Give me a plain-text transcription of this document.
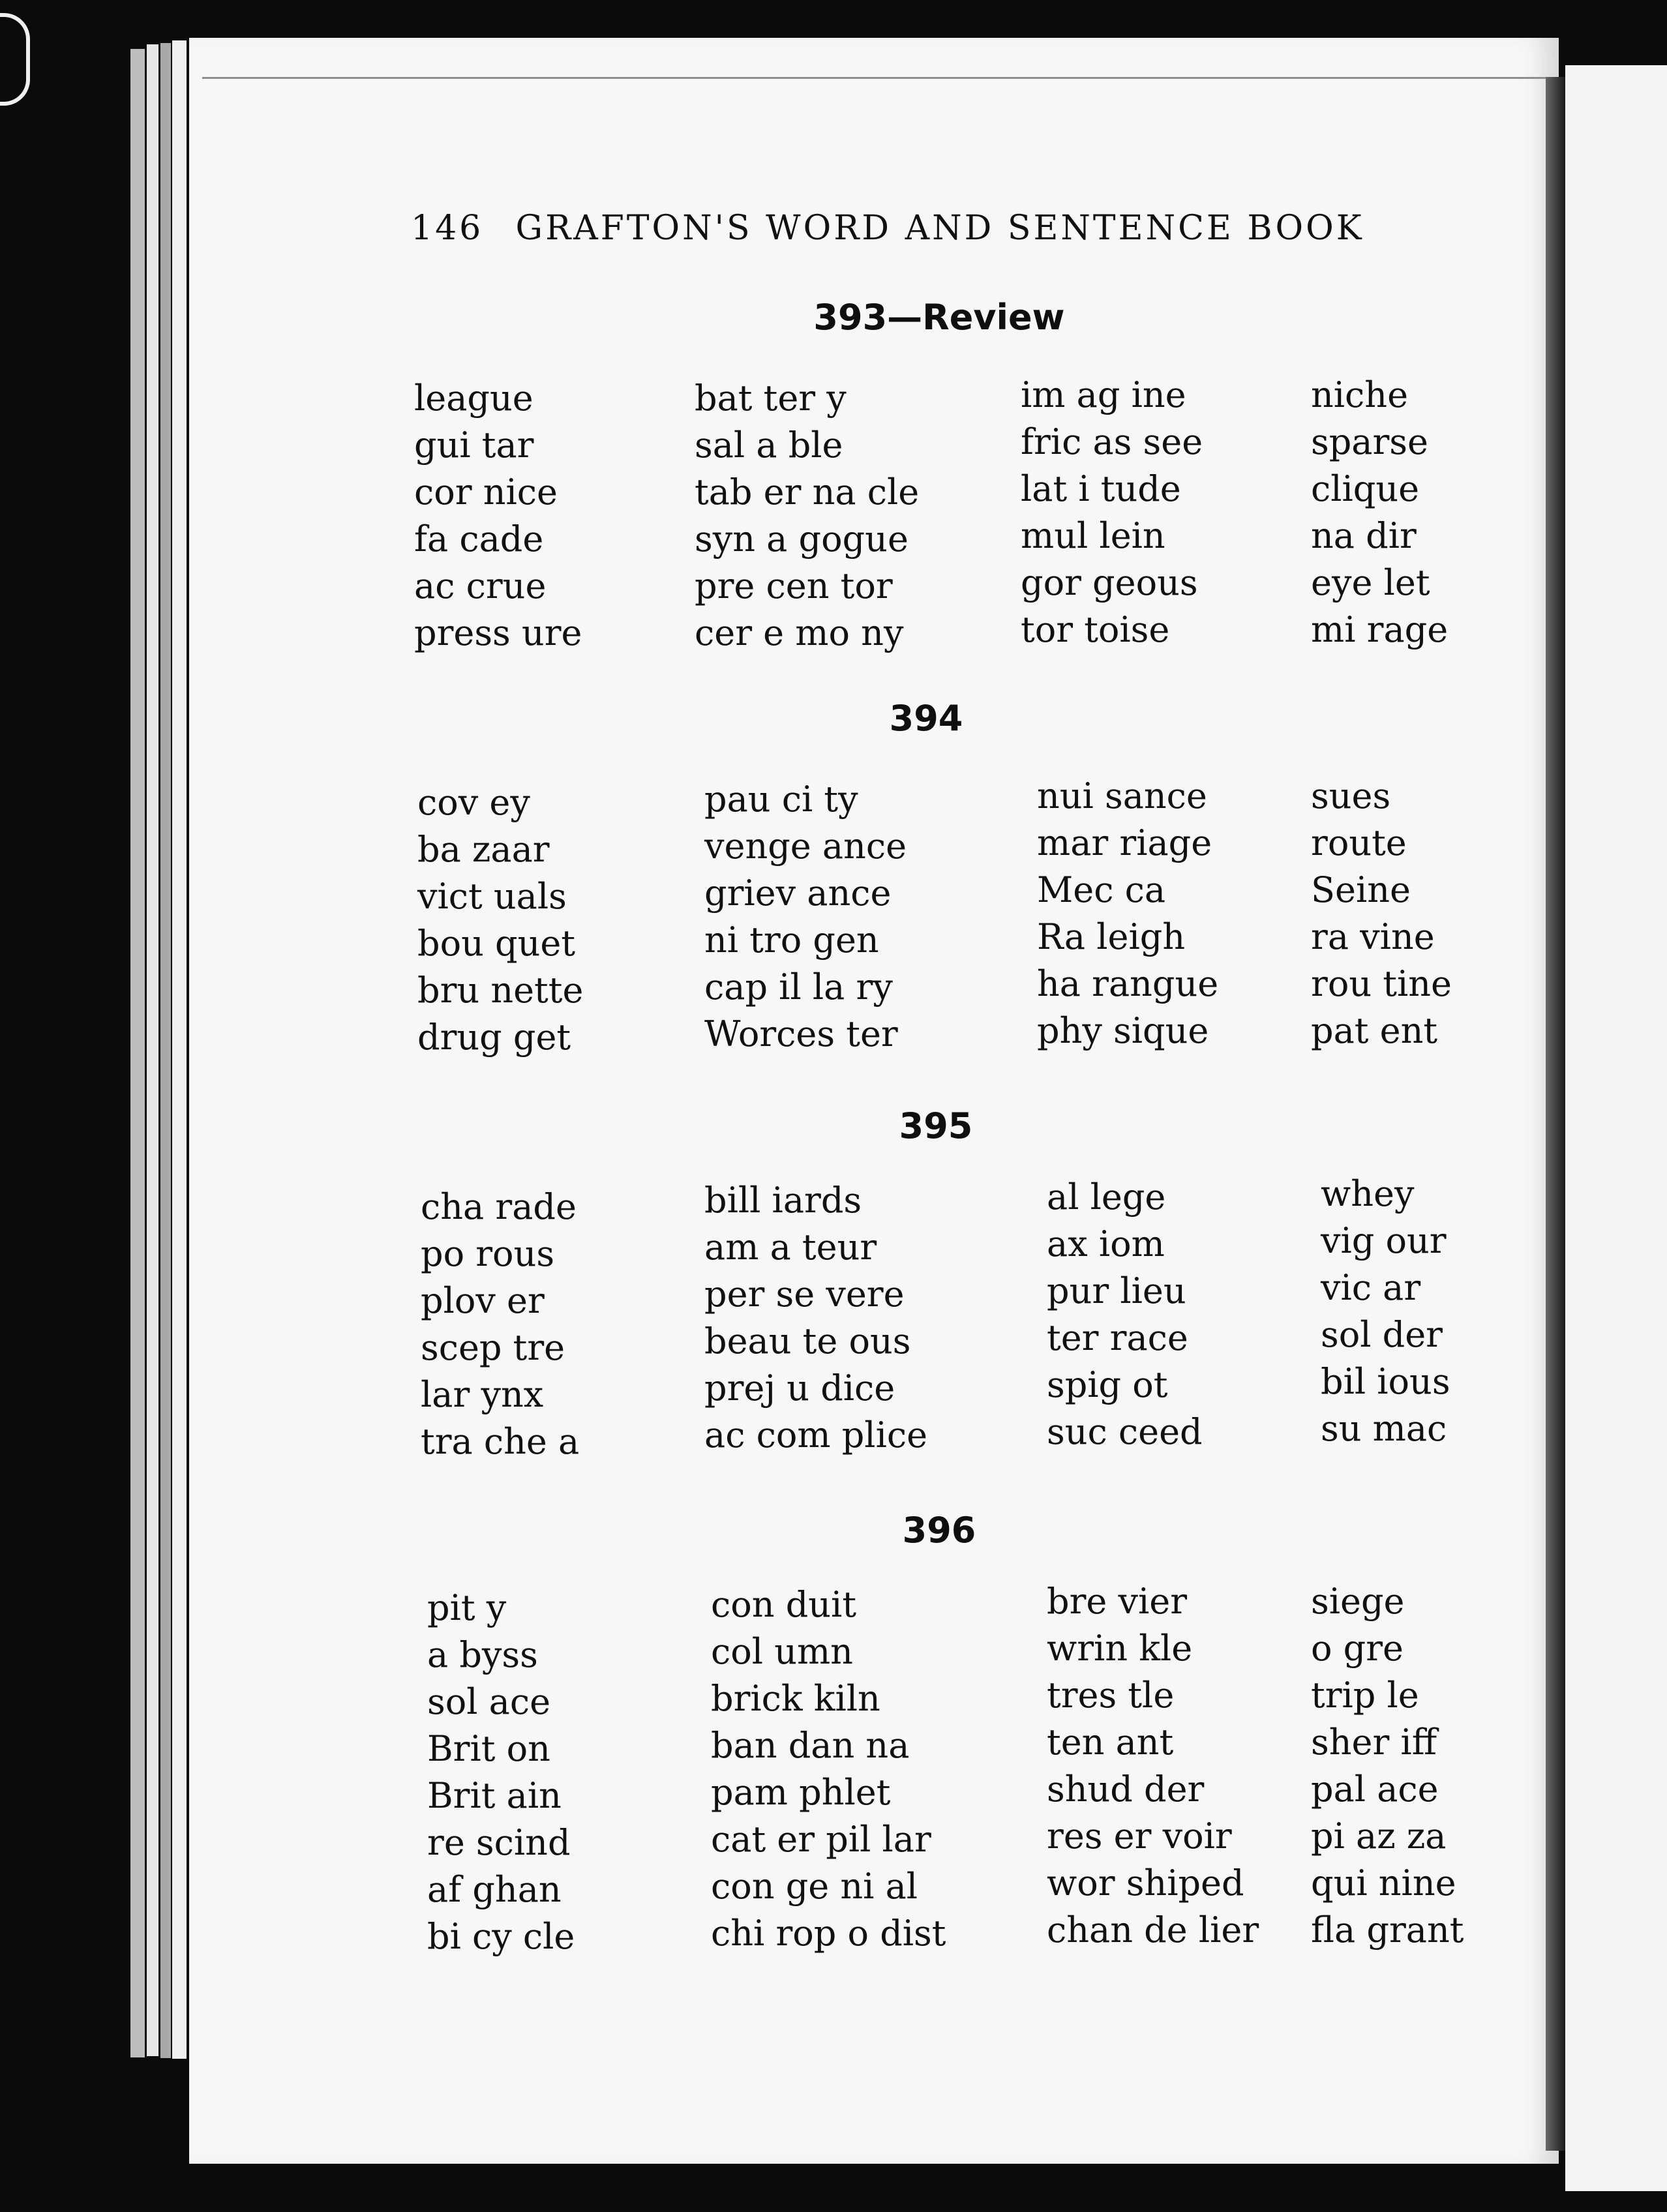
146 GRAFTON'S WORD AND SENTENCE BOOK
393—Review
league
gui tar
cor nice
fa cade
ac crue
press ure
bat ter y
sal a ble
tab er na cle
syn a gogue
pre cen tor
cer e mo ny
im ag ine
fric as see
lat i tude
mul lein
gor geous
tor toise
niche
sparse
clique
na dir
eye let
mi rage
394
cov ey
ba zaar
vict uals
bou quet
bru nette
drug get
pau ci ty
venge ance
griev ance
ni tro gen
cap il la ry
Worces ter
nui sance
mar riage
Mec ca
Ra leigh
ha rangue
phy sique
sues
route
Seine
ra vine
rou tine
pat ent
395
cha rade
po rous
plov er
scep tre
lar ynx
tra che a
bill iards
am a teur
per se vere
beau te ous
prej u dice
ac com plice
al lege
ax iom
pur lieu
ter race
spig ot
suc ceed
whey
vig our
vic ar
sol der
bil ious
su mac
396
pit y
a byss
sol ace
Brit on
Brit ain
re scind
af ghan
bi cy cle
con duit
col umn
brick kiln
ban dan na
pam phlet
cat er pil lar
con ge ni al
chi rop o dist
bre vier
wrin kle
tres tle
ten ant
shud der
res er voir
wor shiped
chan de lier
siege
o gre
trip le
sher iff
pal ace
pi az za
qui nine
fla grant
